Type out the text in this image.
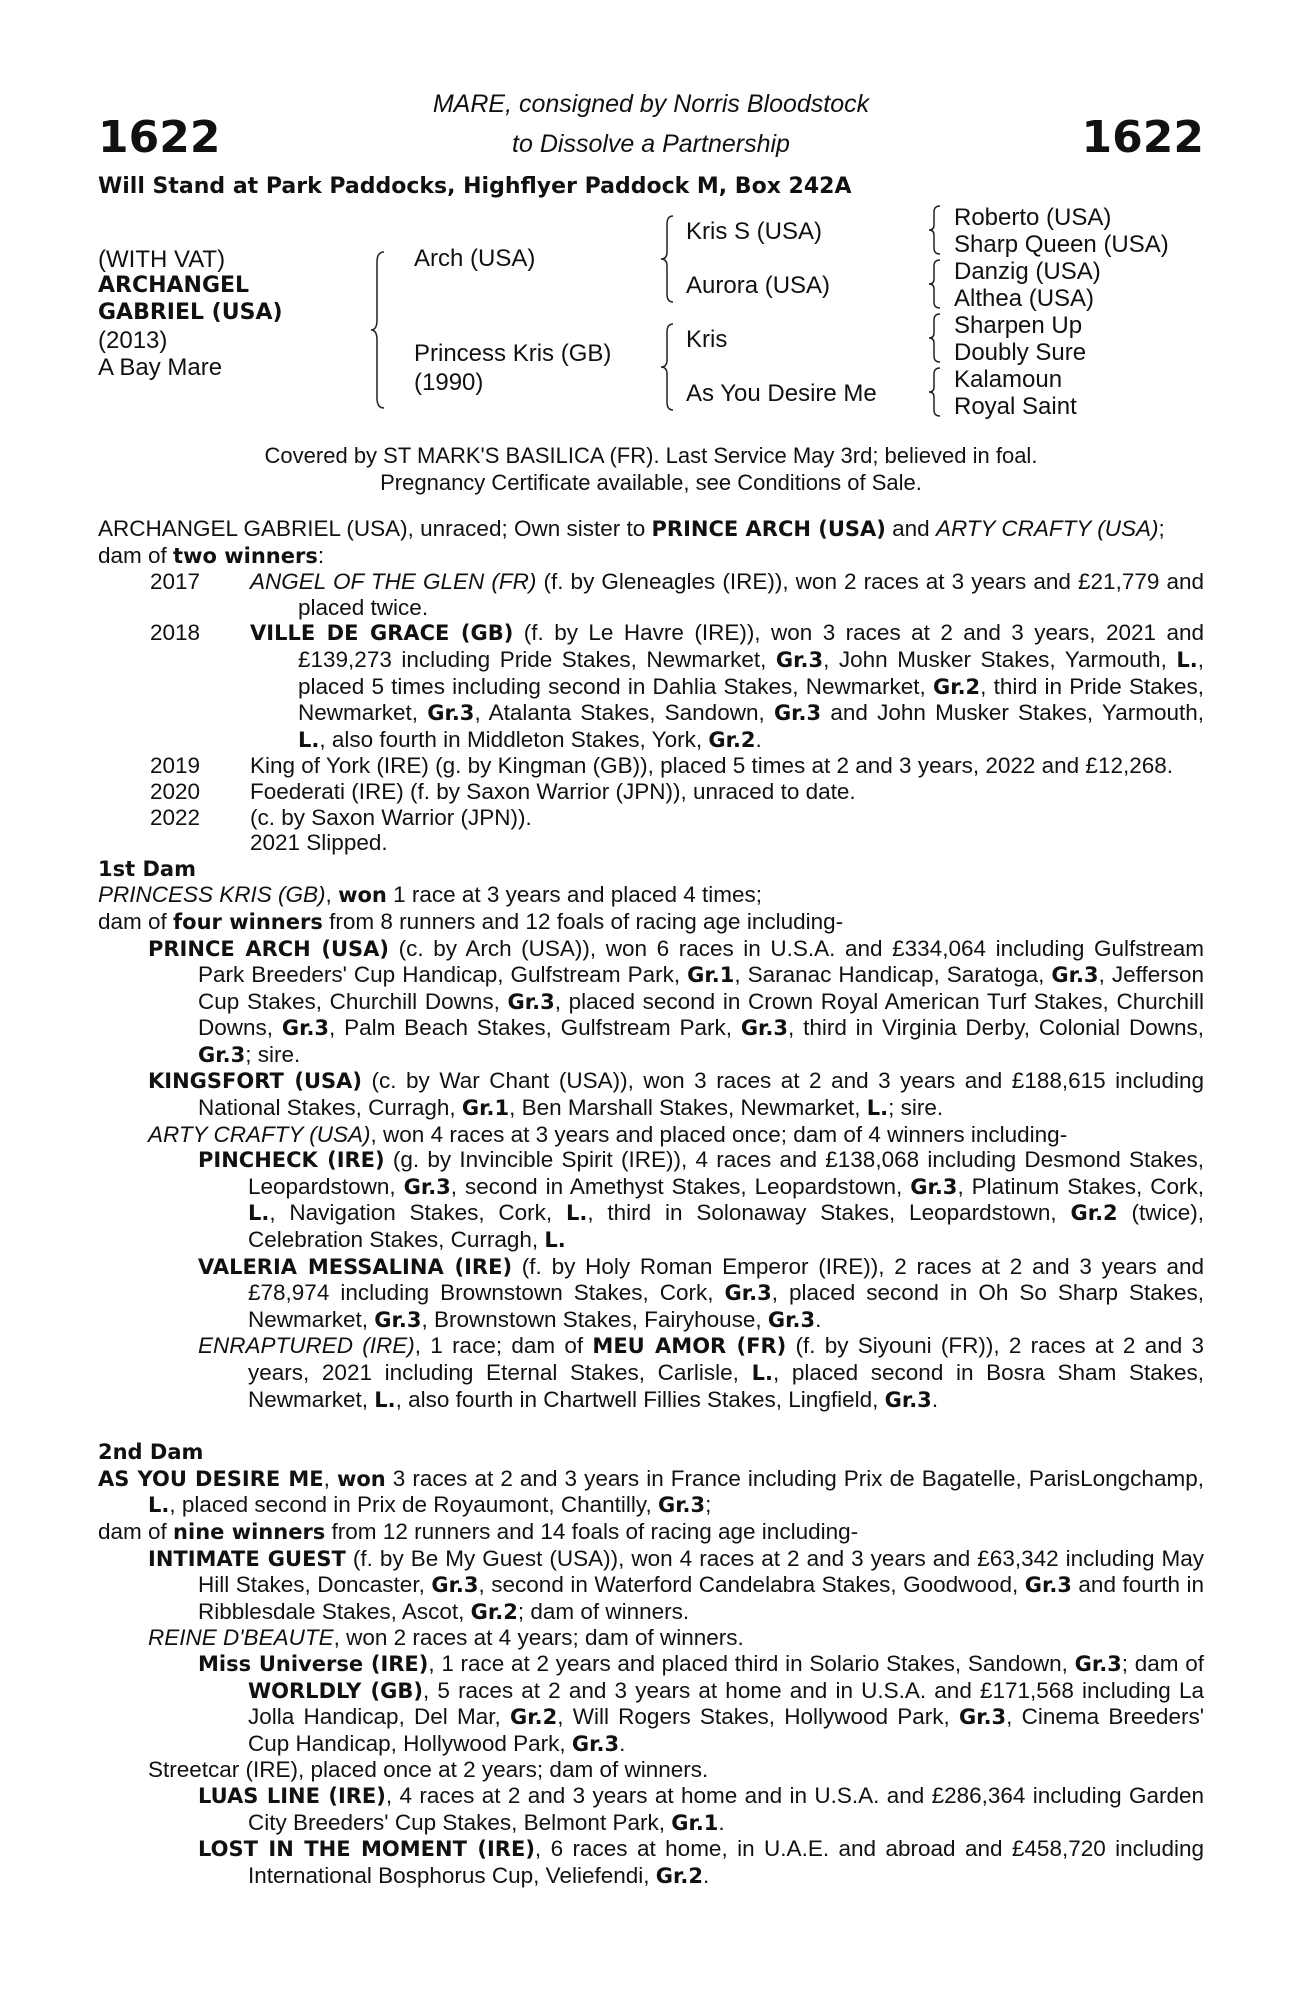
1622	1622
MARE, consigned by Norris Bloodstock
to Dissolve a Partnership
Will Stand at Park Paddocks, Highflyer Paddock M, Box 242A
(WITH VAT)
ARCHANGEL
GABRIEL (USA)
(2013)
A Bay Mare
Arch (USA)
Princess Kris (GB)
(1990)
Kris S (USA)
Aurora (USA)
Kris
As You Desire Me
Roberto (USA)
Sharp Queen (USA)
Danzig (USA)
Althea (USA)
Sharpen Up
Doubly Sure
Kalamoun
Royal Saint
Covered by ST MARK'S BASILICA (FR). Last Service May 3rd; believed in foal.
Pregnancy Certificate available, see Conditions of Sale.

ARCHANGEL GABRIEL (USA), unraced; Own sister to PRINCE ARCH (USA) and ARTY CRAFTY (USA);

dam of two winners:

2017	ANGEL OF THE GLEN (FR) (f. by Gleneagles (IRE)), won 2 races at 3 years and £21,779 and placed twice.
2018	VILLE DE GRACE (GB) (f. by Le Havre (IRE)), won 3 races at 2 and 3 years, 2021 and £139,273 including Pride Stakes, Newmarket, Gr.3, John Musker Stakes, Yarmouth, L., placed 5 times including second in Dahlia Stakes, Newmarket, Gr.2, third in Pride Stakes, Newmarket, Gr.3, Atalanta Stakes, Sandown, Gr.3 and John Musker Stakes, Yarmouth, L., also fourth in Middleton Stakes, York, Gr.2.
2019	King of York (IRE) (g. by Kingman (GB)), placed 5 times at 2 and 3 years, 2022 and £12,268.
2020	Foederati (IRE) (f. by Saxon Warrior (JPN)), unraced to date.
2022	(c. by Saxon Warrior (JPN)).
2021 Slipped.

1st Dam

PRINCESS KRIS (GB), won 1 race at 3 years and placed 4 times;

dam of four winners from 8 runners and 12 foals of racing age including-

PRINCE ARCH (USA) (c. by Arch (USA)), won 6 races in U.S.A. and £334,064 including Gulfstream Park Breeders' Cup Handicap, Gulfstream Park, Gr.1, Saranac Handicap, Saratoga, Gr.3, Jefferson Cup Stakes, Churchill Downs, Gr.3, placed second in Crown Royal American Turf Stakes, Churchill Downs, Gr.3, Palm Beach Stakes, Gulfstream Park, Gr.3, third in Virginia Derby, Colonial Downs, Gr.3; sire.

KINGSFORT (USA) (c. by War Chant (USA)), won 3 races at 2 and 3 years and £188,615 including National Stakes, Curragh, Gr.1, Ben Marshall Stakes, Newmarket, L.; sire.

ARTY CRAFTY (USA), won 4 races at 3 years and placed once; dam of 4 winners including-

PINCHECK (IRE) (g. by Invincible Spirit (IRE)), 4 races and £138,068 including Desmond Stakes, Leopardstown, Gr.3, second in Amethyst Stakes, Leopardstown, Gr.3, Platinum Stakes, Cork, L., Navigation Stakes, Cork, L., third in Solonaway Stakes, Leopardstown, Gr.2 (twice), Celebration Stakes, Curragh, L.

VALERIA MESSALINA (IRE) (f. by Holy Roman Emperor (IRE)), 2 races at 2 and 3 years and £78,974 including Brownstown Stakes, Cork, Gr.3, placed second in Oh So Sharp Stakes, Newmarket, Gr.3, Brownstown Stakes, Fairyhouse, Gr.3.

ENRAPTURED (IRE), 1 race; dam of MEU AMOR (FR) (f. by Siyouni (FR)), 2 races at 2 and 3 years, 2021 including Eternal Stakes, Carlisle, L., placed second in Bosra Sham Stakes, Newmarket, L., also fourth in Chartwell Fillies Stakes, Lingfield, Gr.3.

2nd Dam

AS YOU DESIRE ME, won 3 races at 2 and 3 years in France including Prix de Bagatelle, ParisLongchamp, L., placed second in Prix de Royaumont, Chantilly, Gr.3;

dam of nine winners from 12 runners and 14 foals of racing age including-

INTIMATE GUEST (f. by Be My Guest (USA)), won 4 races at 2 and 3 years and £63,342 including May Hill Stakes, Doncaster, Gr.3, second in Waterford Candelabra Stakes, Goodwood, Gr.3 and fourth in Ribblesdale Stakes, Ascot, Gr.2; dam of winners.

REINE D'BEAUTE, won 2 races at 4 years; dam of winners.

Miss Universe (IRE), 1 race at 2 years and placed third in Solario Stakes, Sandown, Gr.3; dam of WORLDLY (GB), 5 races at 2 and 3 years at home and in U.S.A. and £171,568 including La Jolla Handicap, Del Mar, Gr.2, Will Rogers Stakes, Hollywood Park, Gr.3, Cinema Breeders' Cup Handicap, Hollywood Park, Gr.3.

Streetcar (IRE), placed once at 2 years; dam of winners.

LUAS LINE (IRE), 4 races at 2 and 3 years at home and in U.S.A. and £286,364 including Garden City Breeders' Cup Stakes, Belmont Park, Gr.1.

LOST IN THE MOMENT (IRE), 6 races at home, in U.A.E. and abroad and £458,720 including International Bosphorus Cup, Veliefendi, Gr.2.
